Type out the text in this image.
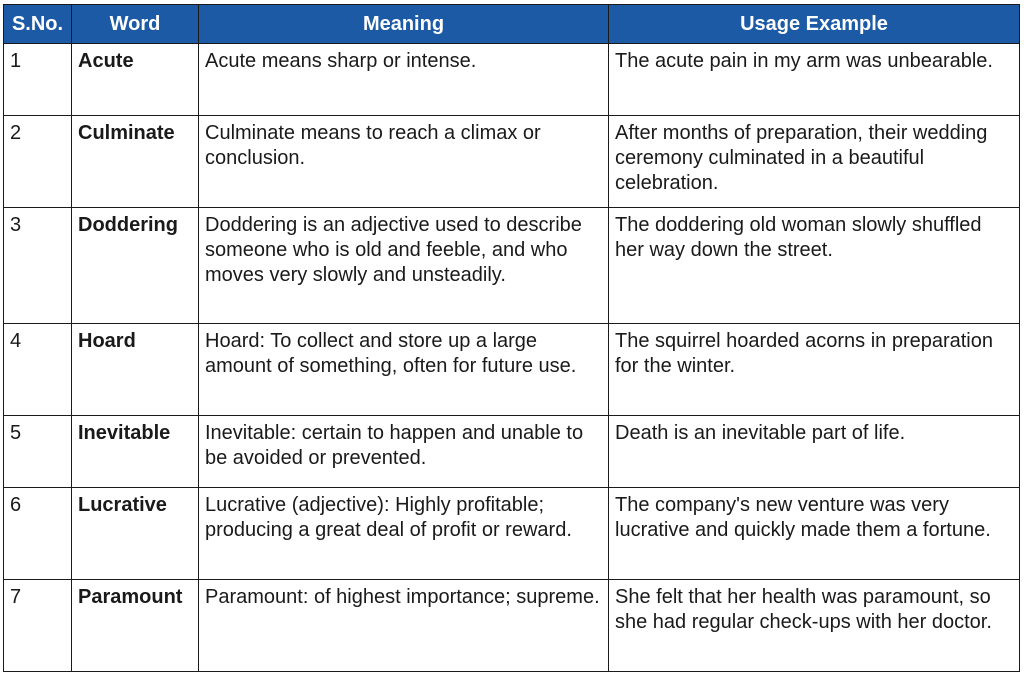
S.No.	Word	Meaning	Usage Example
1	Acute	Acute means sharp or intense.	The acute pain in my arm was unbearable.
2	Culminate	Culminate means to reach a climax or conclusion.	After months of preparation, their wedding ceremony culminated in a beautiful celebration.
3	Doddering	Doddering is an adjective used to describe someone who is old and feeble, and who moves very slowly and unsteadily.	The doddering old woman slowly shuffled her way down the street.
4	Hoard	Hoard: To collect and store up a large amount of something, often for future use.	The squirrel hoarded acorns in preparation for the winter.
5	Inevitable	Inevitable: certain to happen and unable to be avoided or prevented.	Death is an inevitable part of life.
6	Lucrative	Lucrative (adjective): Highly profitable; producing a great deal of profit or reward.	The company's new venture was very lucrative and quickly made them a fortune.
7	Paramount	Paramount: of highest importance; supreme.	She felt that her health was paramount, so she had regular check-ups with her doctor.
